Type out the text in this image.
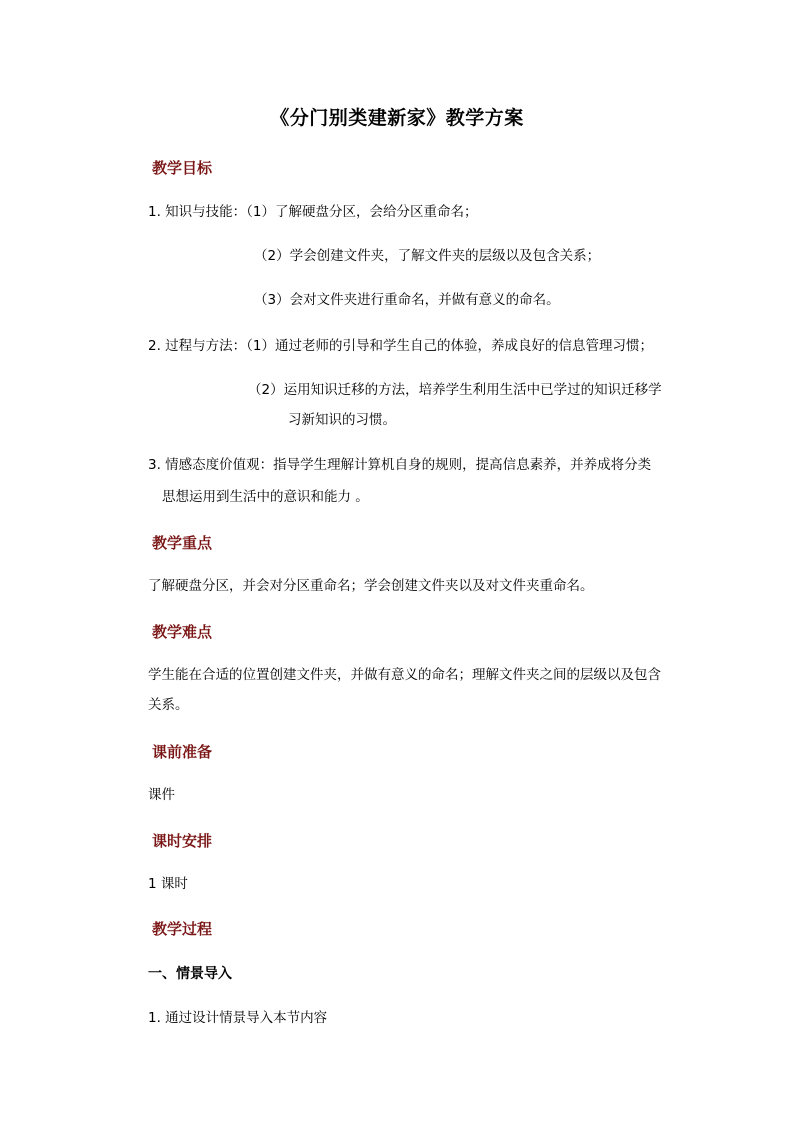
《分门别类建新家》教学方案
教学目标
1. 知识与技能：（1）了解硬盘分区，会给分区重命名；
（2）学会创建文件夹，了解文件夹的层级以及包含关系；
（3）会对文件夹进行重命名，并做有意义的命名。
2. 过程与方法：（1）通过老师的引导和学生自己的体验，养成良好的信息管理习惯；
（2）运用知识迁移的方法，培养学生利用生活中已学过的知识迁移学
习新知识的习惯。
3. 情感态度价值观：指导学生理解计算机自身的规则，提高信息素养，并养成将分类
思想运用到生活中的意识和能力 。
教学重点
了解硬盘分区，并会对分区重命名；学会创建文件夹以及对文件夹重命名。
教学难点
学生能在合适的位置创建文件夹，并做有意义的命名；理解文件夹之间的层级以及包含
关系。
课前准备
课件
课时安排
1 课时
教学过程
一、情景导入
1. 通过设计情景导入本节内容
